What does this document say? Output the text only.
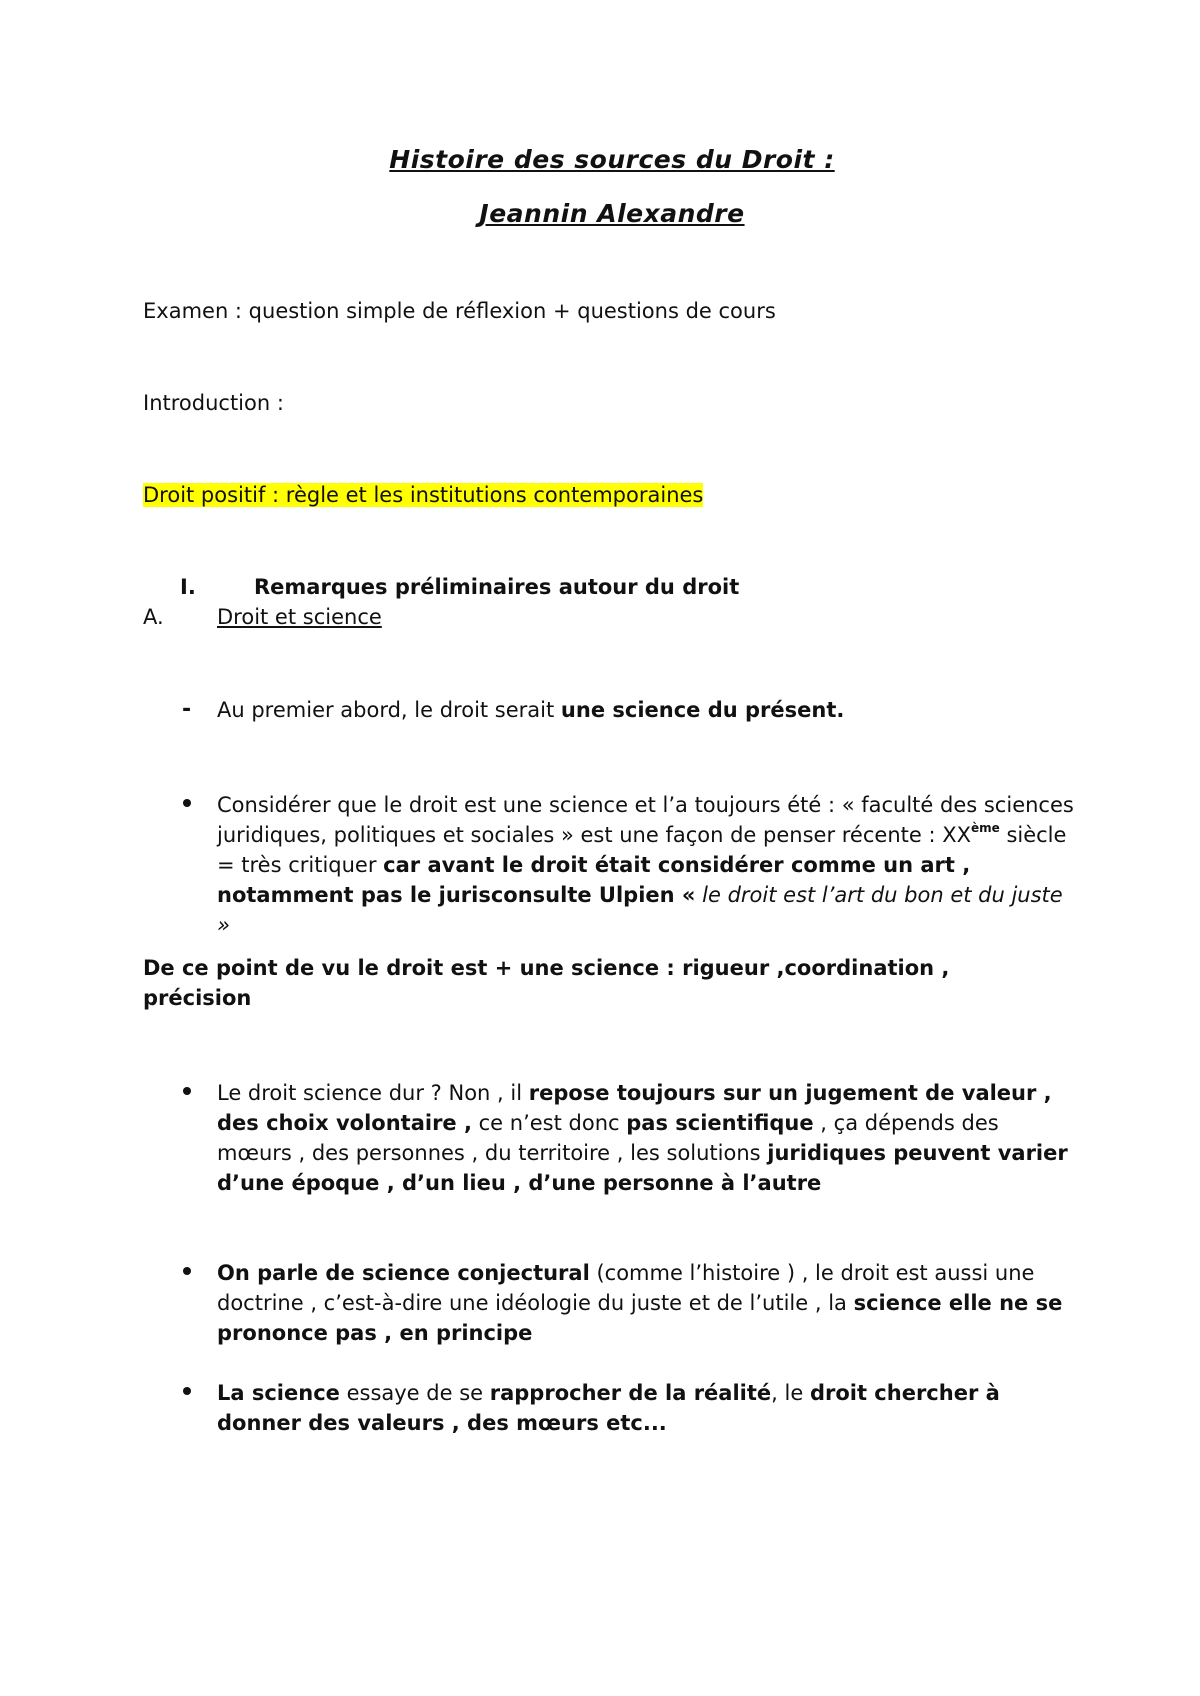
Histoire des sources du Droit :
Jeannin Alexandre
Examen : question simple de réflexion + questions de cours
Introduction :
Droit positif : règle et les institutions contemporaines
I.	Remarques préliminaires autour du droit
A.	Droit et science
- Au premier abord, le droit serait une science du présent.
Considérer que le droit est une science et l’a toujours été : « faculté des sciences juridiques, politiques et sociales » est une façon de penser récente : XXème siècle = très critiquer car avant le droit était considérer comme un art , notamment pas le jurisconsulte Ulpien « le droit est l’art du bon et du juste »
De ce point de vu le droit est + une science : rigueur ,coordination , précision
Le droit science dur ? Non , il repose toujours sur un jugement de valeur , des choix volontaire , ce n’est donc pas scientifique , ça dépends des mœurs , des personnes , du territoire , les solutions juridiques peuvent varier d’une époque , d’un lieu , d’une personne à l’autre
On parle de science conjectural (comme l’histoire ) , le droit est aussi une doctrine , c’est-à-dire une idéologie du juste et de l’utile , la science elle ne se prononce pas , en principe
La science essaye de se rapprocher de la réalité, le droit chercher à donner des valeurs , des mœurs etc...
